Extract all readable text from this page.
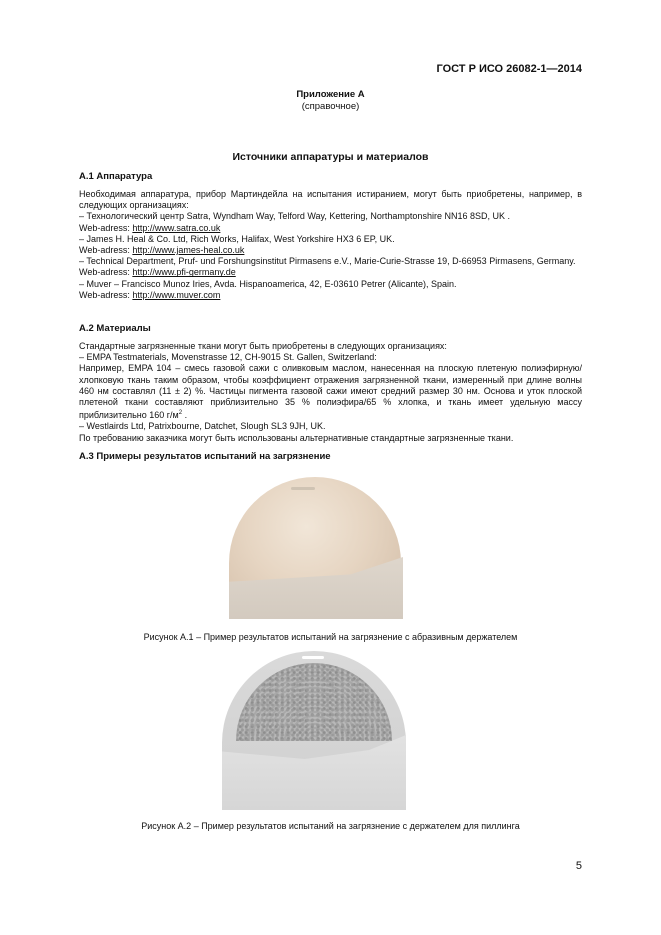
ГОСТ Р ИСО 26082-1—2014
Приложение А
(справочное)
Источники аппаратуры и материалов
А.1 Аппаратура

Необходимая аппаратура, прибор Мартиндейла на испытания истиранием, могут быть приобретены, например, в следующих организациях:

– Технологический центр Satra, Wyndham Way, Telford Way, Kettering, Northamptonshire NN16 8SD, UK .

Web-adress: http://www.satra.co.uk

– James H. Heal & Co. Ltd, Rich Works, Halifax, West Yorkshire HX3 6 EP, UK.

Web-adress: http://www.james-heal.co.uk

– Technical Department, Pruf- und Forshungsinstitut Pirmasens e.V., Marie-Curie-Strasse 19, D-66953 Pirmasens, Germany.

Web-adress: http://www.pfi-germany.de

– Muver – Francisco Munoz Iries, Avda. Hispanoamerica, 42, E-03610 Petrer (Alicante), Spain.

Web-adress: http://www.muver.com

А.2 Материалы

Стандартные загрязненные ткани могут быть приобретены в следующих организациях:

– EMPA Testmaterials, Movenstrasse 12, CH-9015 St. Gallen, Switzerland:

Например, EMPA 104 – смесь газовой сажи с оливковым маслом, нанесенная на плоскую плетеную полиэфирную/хлопковую ткань таким образом, чтобы коэффициент отражения загрязненной ткани, измеренный при длине волны 460 нм составлял (11 ± 2) %. Частицы пигмента газовой сажи имеют средний размер 30 нм. Основа и уток плоской плетеной ткани составляют приблизительно 35 % полиэфира/65 % хлопка, и ткань имеет удельную массу приблизительно 160 $г/м^2$ .

– Westlairds Ltd, Patrixbourne, Datchet, Slough SL3 9JH, UK.

По требованию заказчика могут быть использованы альтернативные стандартные загрязненные ткани.

А.3 Примеры результатов испытаний на загрязнение
Рисунок А.1 – Пример результатов испытаний на загрязнение с абразивным держателем
Рисунок А.2 – Пример результатов испытаний на загрязнение с держателем для пиллинга
5
